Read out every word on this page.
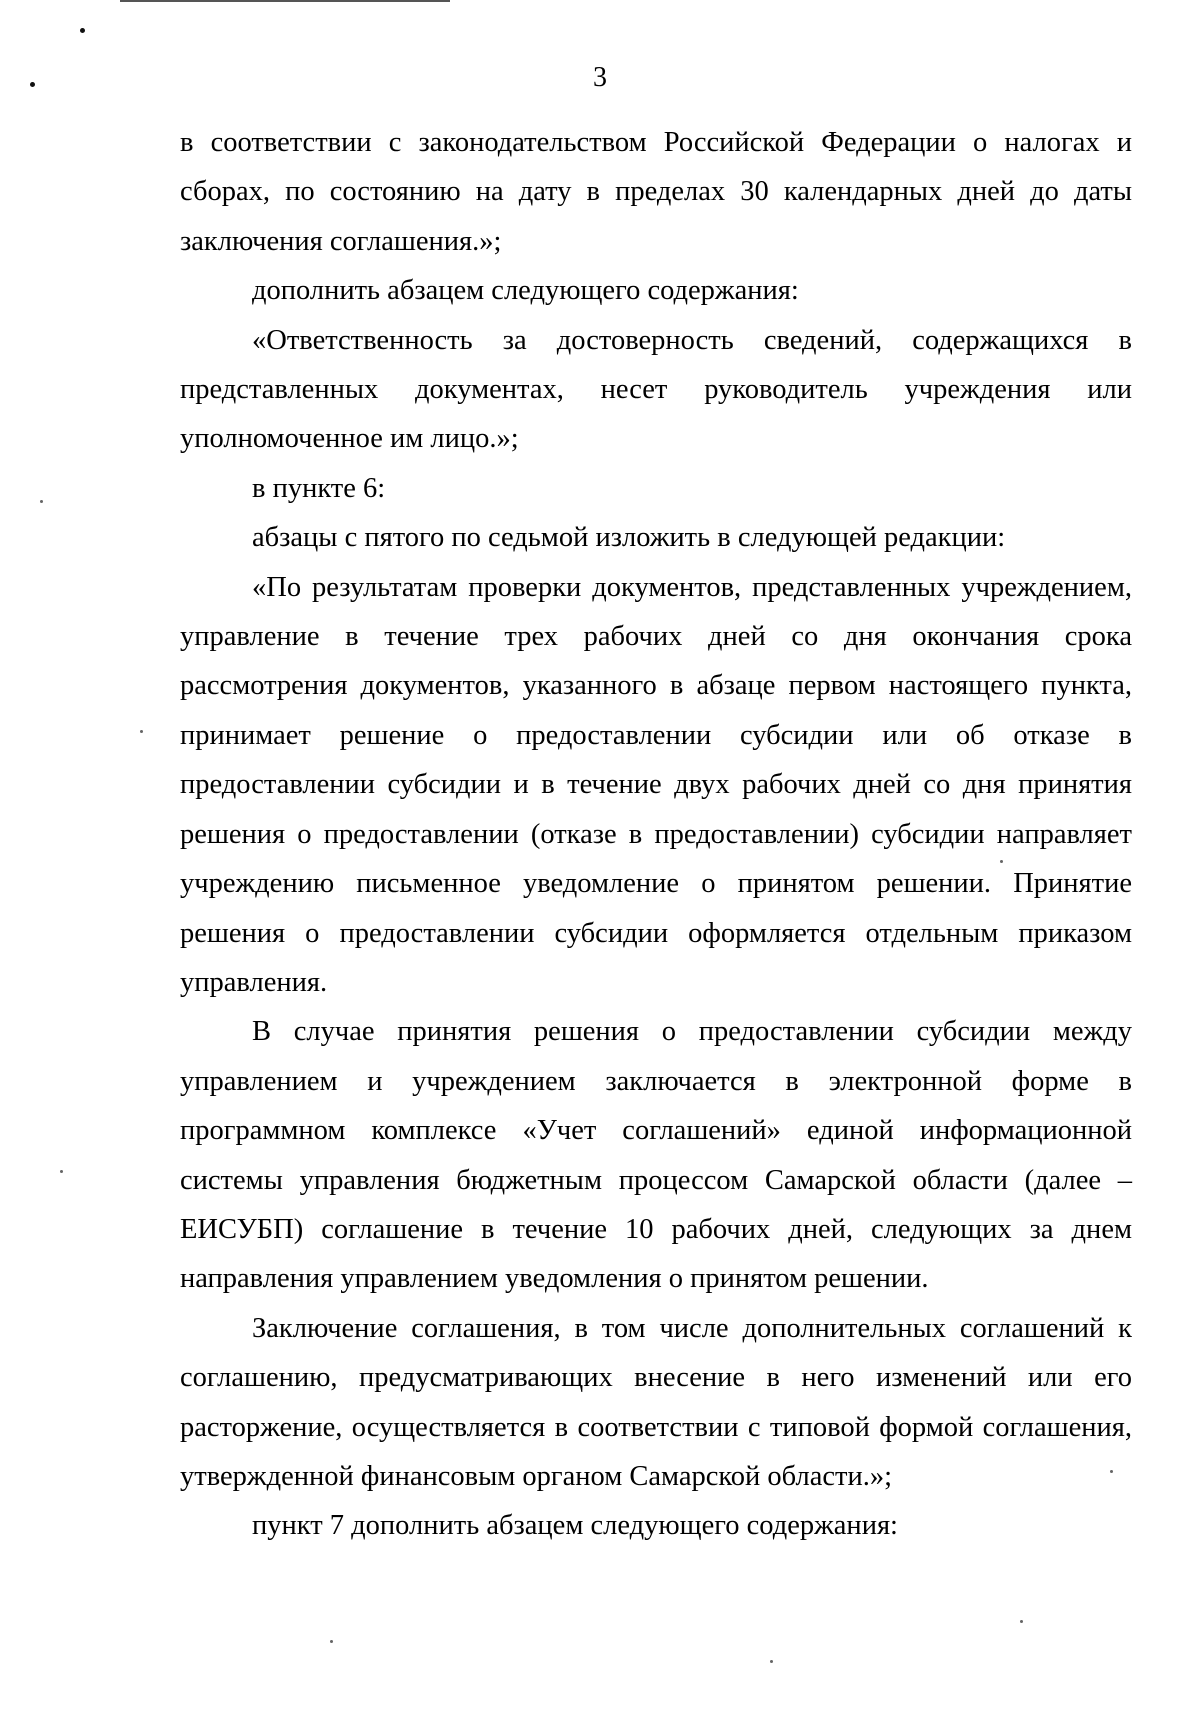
3

в соответствии с законодательством Российской Федерации о налогах и сборах, по состоянию на дату в пределах 30 календарных дней до даты заключения соглашения.»;

дополнить абзацем следующего содержания:

«Ответственность за достоверность сведений, содержащихся в представленных документах, несет руководитель учреждения или уполномоченное им лицо.»;

в пункте 6:

абзацы с пятого по седьмой изложить в следующей редакции:

«По результатам проверки документов, представленных учреждением, управление в течение трех рабочих дней со дня окончания срока рассмотрения документов, указанного в абзаце первом настоящего пункта, принимает решение о предоставлении субсидии или об отказе в предоставлении субсидии и в течение двух рабочих дней со дня принятия решения о предоставлении (отказе в предоставлении) субсидии направляет учреждению письменное уведомление о принятом решении. Принятие решения о предоставлении субсидии оформляется отдельным приказом управления.

В случае принятия решения о предоставлении субсидии между управлением и учреждением заключается в электронной форме в программном комплексе «Учет соглашений» единой информационной системы управления бюджетным процессом Самарской области (далее – ЕИСУБП) соглашение в течение 10 рабочих дней, следующих за днем направления управлением уведомления о принятом решении.

Заключение соглашения, в том числе дополнительных соглашений к соглашению, предусматривающих внесение в него изменений или его расторжение, осуществляется в соответствии с типовой формой соглашения, утвержденной финансовым органом Самарской области.»;

пункт 7 дополнить абзацем следующего содержания:
